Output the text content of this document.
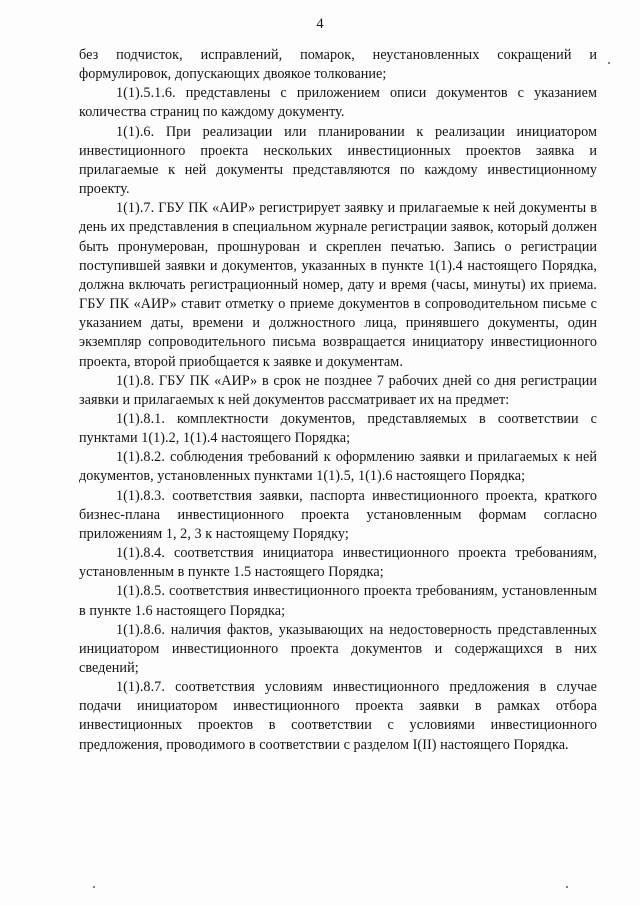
4

без подчисток, исправлений, помарок, неустановленных сокращений и формулировок, допускающих двоякое толкование;

1(1).5.1.6. представлены с приложением описи документов с указанием количества страниц по каждому документу.

1(1).6. При реализации или планировании к реализации инициатором инвестиционного проекта нескольких инвестиционных проектов заявка и прилагаемые к ней документы представляются по каждому инвестиционному проекту.

1(1).7. ГБУ ПК «АИР» регистрирует заявку и прилагаемые к ней документы в день их представления в специальном журнале регистрации заявок, который должен быть пронумерован, прошнурован и скреплен печатью. Запись о регистрации поступившей заявки и документов, указанных в пункте 1(1).4 настоящего Порядка, должна включать регистрационный номер, дату и время (часы, минуты) их приема. ГБУ ПК «АИР» ставит отметку о приеме документов в сопроводительном письме с указанием даты, времени и должностного лица, принявшего документы, один экземпляр сопроводительного письма возвращается инициатору инвестиционного проекта, второй приобщается к заявке и документам.

1(1).8. ГБУ ПК «АИР» в срок не позднее 7 рабочих дней со дня регистрации заявки и прилагаемых к ней документов рассматривает их на предмет:

1(1).8.1. комплектности документов, представляемых в соответствии с пунктами 1(1).2, 1(1).4 настоящего Порядка;

1(1).8.2. соблюдения требований к оформлению заявки и прилагаемых к ней документов, установленных пунктами 1(1).5, 1(1).6 настоящего Порядка;

1(1).8.3. соответствия заявки, паспорта инвестиционного проекта, краткого бизнес-плана инвестиционного проекта установленным формам согласно приложениям 1, 2, 3 к настоящему Порядку;

1(1).8.4. соответствия инициатора инвестиционного проекта требованиям, установленным в пункте 1.5 настоящего Порядка;

1(1).8.5. соответствия инвестиционного проекта требованиям, установленным в пункте 1.6 настоящего Порядка;

1(1).8.6. наличия фактов, указывающих на недостоверность представленных инициатором инвестиционного проекта документов и содержащихся в них сведений;

1(1).8.7. соответствия условиям инвестиционного предложения в случае подачи инициатором инвестиционного проекта заявки в рамках отбора инвестиционных проектов в соответствии с условиями инвестиционного предложения, проводимого в соответствии с разделом I(II) настоящего Порядка.
